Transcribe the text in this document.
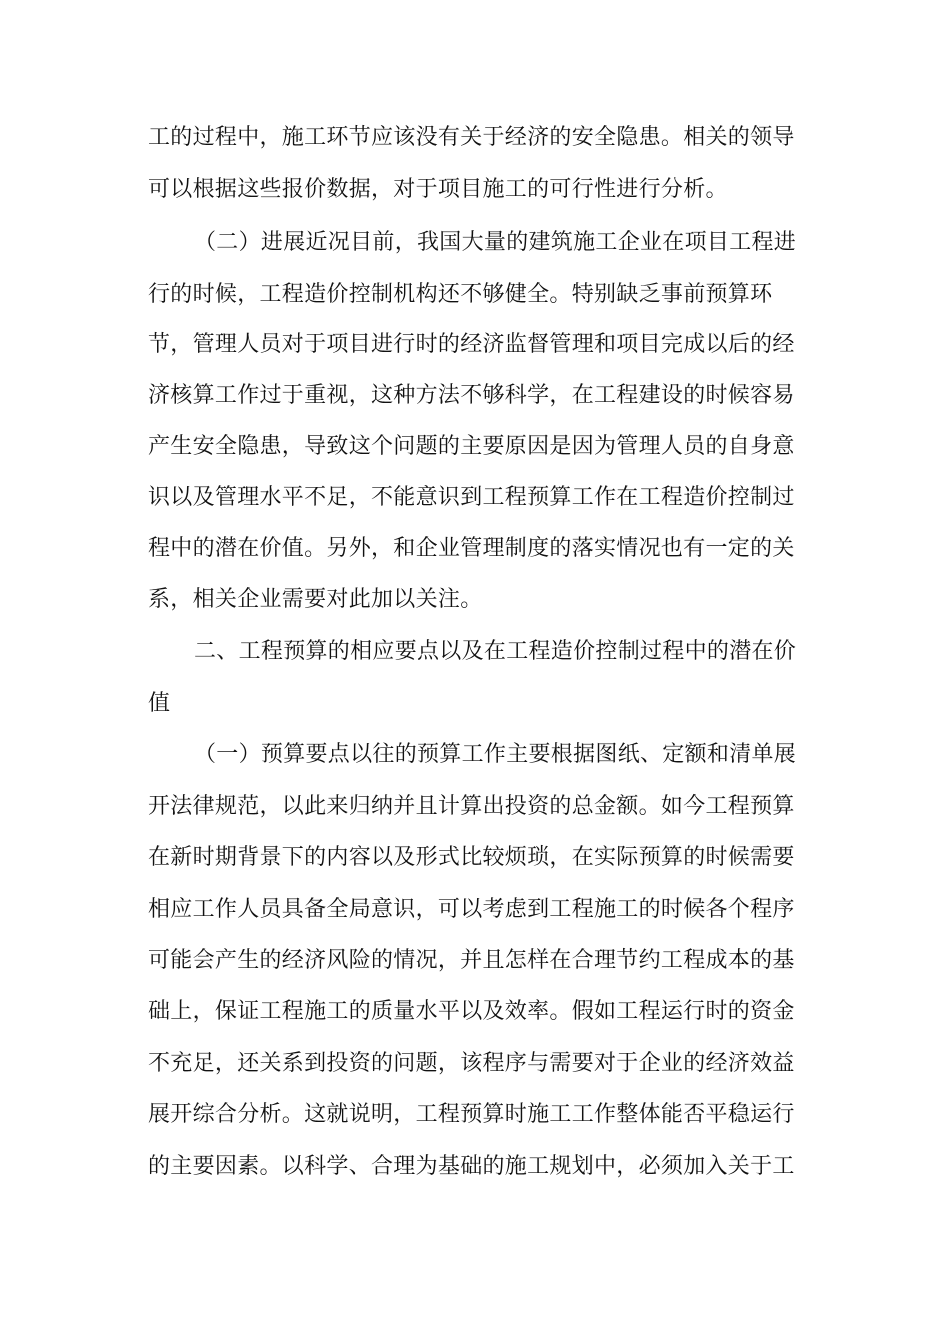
工的过程中，施工环节应该没有关于经济的安全隐患。相关的领导
可以根据这些报价数据，对于项目施工的可行性进行分析。
（二）进展近况目前，我国大量的建筑施工企业在项目工程进
行的时候，工程造价控制机构还不够健全。特别缺乏事前预算环
节，管理人员对于项目进行时的经济监督管理和项目完成以后的经
济核算工作过于重视，这种方法不够科学，在工程建设的时候容易
产生安全隐患，导致这个问题的主要原因是因为管理人员的自身意
识以及管理水平不足，不能意识到工程预算工作在工程造价控制过
程中的潜在价值。另外，和企业管理制度的落实情况也有一定的关
系，相关企业需要对此加以关注。
二、工程预算的相应要点以及在工程造价控制过程中的潜在价
值
（一）预算要点以往的预算工作主要根据图纸、定额和清单展
开法律规范，以此来归纳并且计算出投资的总金额。如今工程预算
在新时期背景下的内容以及形式比较烦琐，在实际预算的时候需要
相应工作人员具备全局意识，可以考虑到工程施工的时候各个程序
可能会产生的经济风险的情况，并且怎样在合理节约工程成本的基
础上，保证工程施工的质量水平以及效率。假如工程运行时的资金
不充足，还关系到投资的问题，该程序与需要对于企业的经济效益
展开综合分析。这就说明，工程预算时施工工作整体能否平稳运行
的主要因素。以科学、合理为基础的施工规划中，必须加入关于工
